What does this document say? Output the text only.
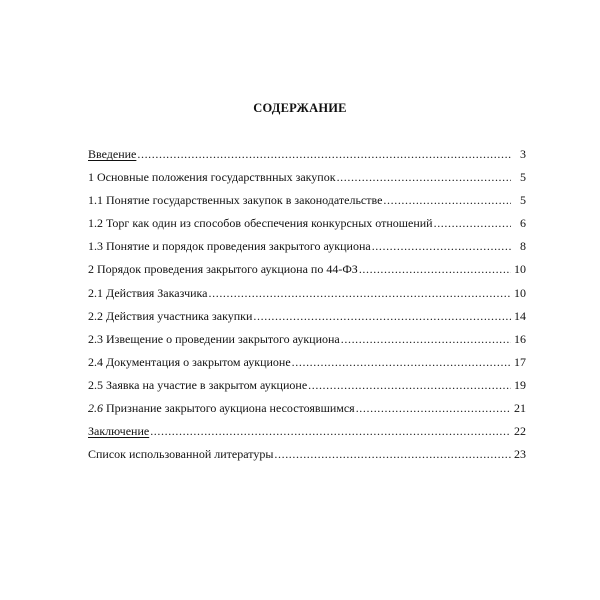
СОДЕРЖАНИЕ
Введение .....	3
1 Основные положения государствнных закупок .....	5
1.1 Понятие государственных закупок в законодательстве .....	5
1.2 Торг как один из способов обеспечения конкурсных отношений .....	6
1.3 Понятие и порядок проведения закрытого аукциона .....	8
2 Порядок проведения закрытого аукциона по 44-ФЗ .....	10
2.1 Действия Заказчика .....	10
2.2 Действия участника закупки .....	14
2.3 Извещение о проведении закрытого аукциона .....	16
2.4 Документация о закрытом аукционе .....	17
2.5 Заявка на участие в закрытом аукционе .....	19
2.6 Признание закрытого аукциона несостоявшимся .....	21
Заключение .....	22
Список использованной литературы .....	23
